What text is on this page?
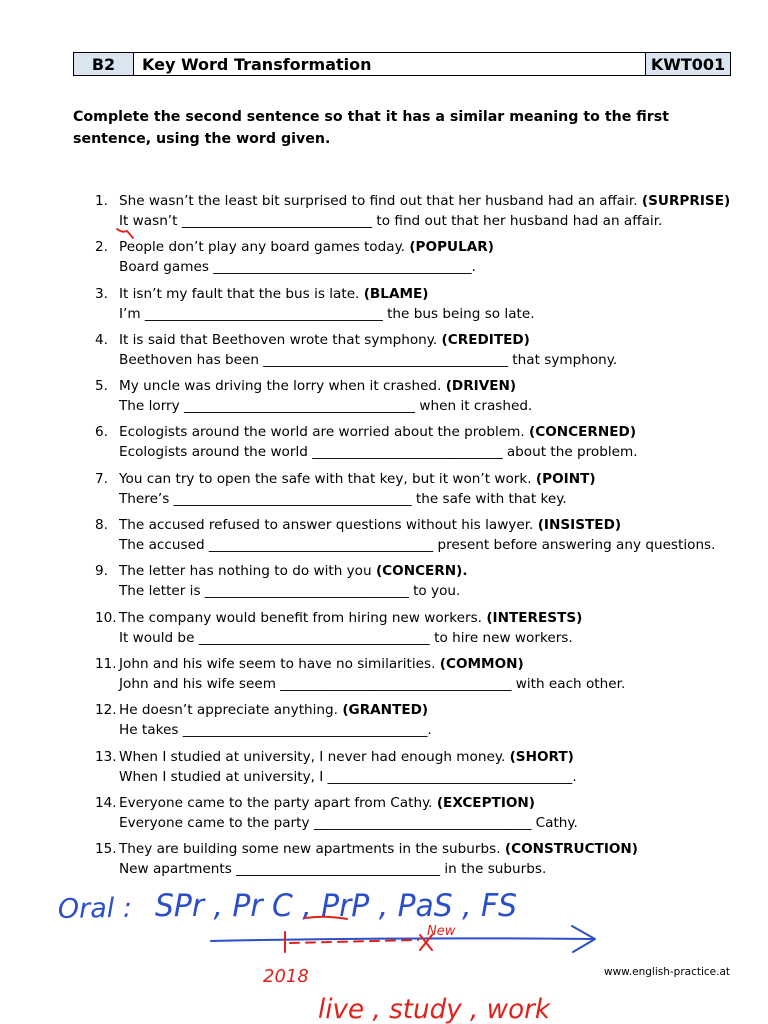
B2	Key Word Transformation	KWT001
Complete the second sentence so that it has a similar meaning to the first sentence, using the word given.
1. She wasn’t the least bit surprised to find out that her husband had an affair. (SURPRISE)
It wasn’t ____________________________ to find out that her husband had an affair.
2. People don’t play any board games today. (POPULAR)
Board games ______________________________________.
3. It isn’t my fault that the bus is late. (BLAME)
I’m ___________________________________ the bus being so late.
4. It is said that Beethoven wrote that symphony. (CREDITED)
Beethoven has been ____________________________________ that symphony.
5. My uncle was driving the lorry when it crashed. (DRIVEN)
The lorry __________________________________ when it crashed.
6. Ecologists around the world are worried about the problem. (CONCERNED)
Ecologists around the world ____________________________ about the problem.
7. You can try to open the safe with that key, but it won’t work. (POINT)
There’s ___________________________________ the safe with that key.
8. The accused refused to answer questions without his lawyer. (INSISTED)
The accused _________________________________ present before answering any questions.
9. The letter has nothing to do with you (CONCERN).
The letter is ______________________________ to you.
10. The company would benefit from hiring new workers. (INTERESTS)
It would be __________________________________ to hire new workers.
11. John and his wife seem to have no similarities. (COMMON)
John and his wife seem __________________________________ with each other.
12. He doesn’t appreciate anything. (GRANTED)
He takes ____________________________________.
13. When I studied at university, I never had enough money. (SHORT)
When I studied at university, I ____________________________________.
14. Everyone came to the party apart from Cathy. (EXCEPTION)
Everyone came to the party ________________________________ Cathy.
15. They are building some new apartments in the suburbs. (CONSTRUCTION)
New apartments ______________________________ in the suburbs.
www.english-practice.at
Oral : SPr , Pr C , PrP , PaS , FS
New
2018
live , study , work
